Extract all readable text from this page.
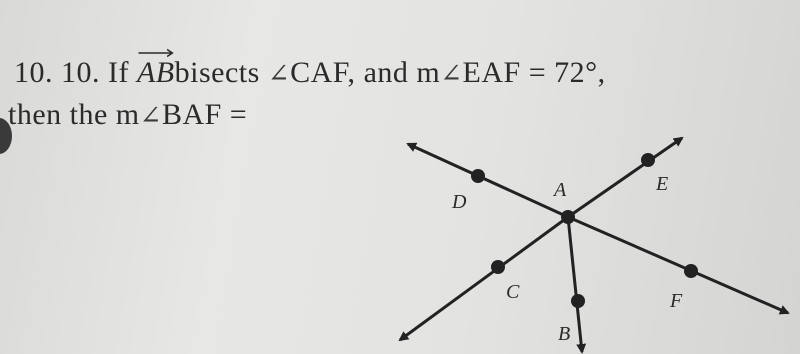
10. 10. If ABbisects ∠CAF, and m∠EAF = 72°,
then the m∠BAF =
A
D
E
C
B
F
